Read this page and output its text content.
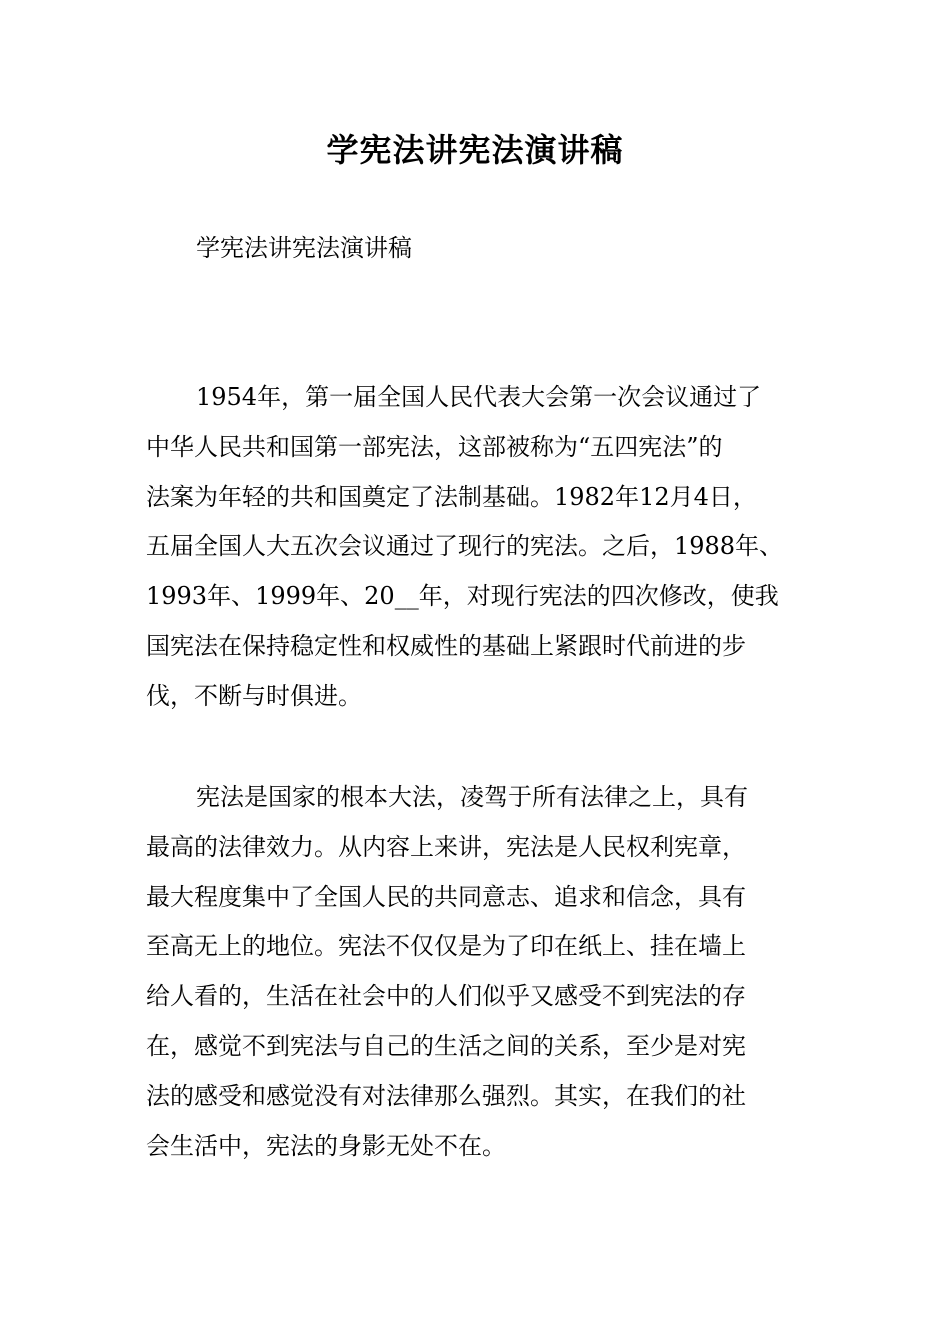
学宪法讲宪法演讲稿

学宪法讲宪法演讲稿

1954年，第一届全国人民代表大会第一次会议通过了
中华人民共和国第一部宪法，这部被称为“五四宪法”的
法案为年轻的共和国奠定了法制基础。1982年12月4日，
五届全国人大五次会议通过了现行的宪法。之后，1988年、
1993年、1999年、20__年，对现行宪法的四次修改，使我
国宪法在保持稳定性和权威性的基础上紧跟时代前进的步
伐，不断与时俱进。

宪法是国家的根本大法，凌驾于所有法律之上，具有
最高的法律效力。从内容上来讲，宪法是人民权利宪章，
最大程度集中了全国人民的共同意志、追求和信念，具有
至高无上的地位。宪法不仅仅是为了印在纸上、挂在墙上
给人看的，生活在社会中的人们似乎又感受不到宪法的存
在，感觉不到宪法与自己的生活之间的关系，至少是对宪
法的感受和感觉没有对法律那么强烈。其实，在我们的社
会生活中，宪法的身影无处不在。
